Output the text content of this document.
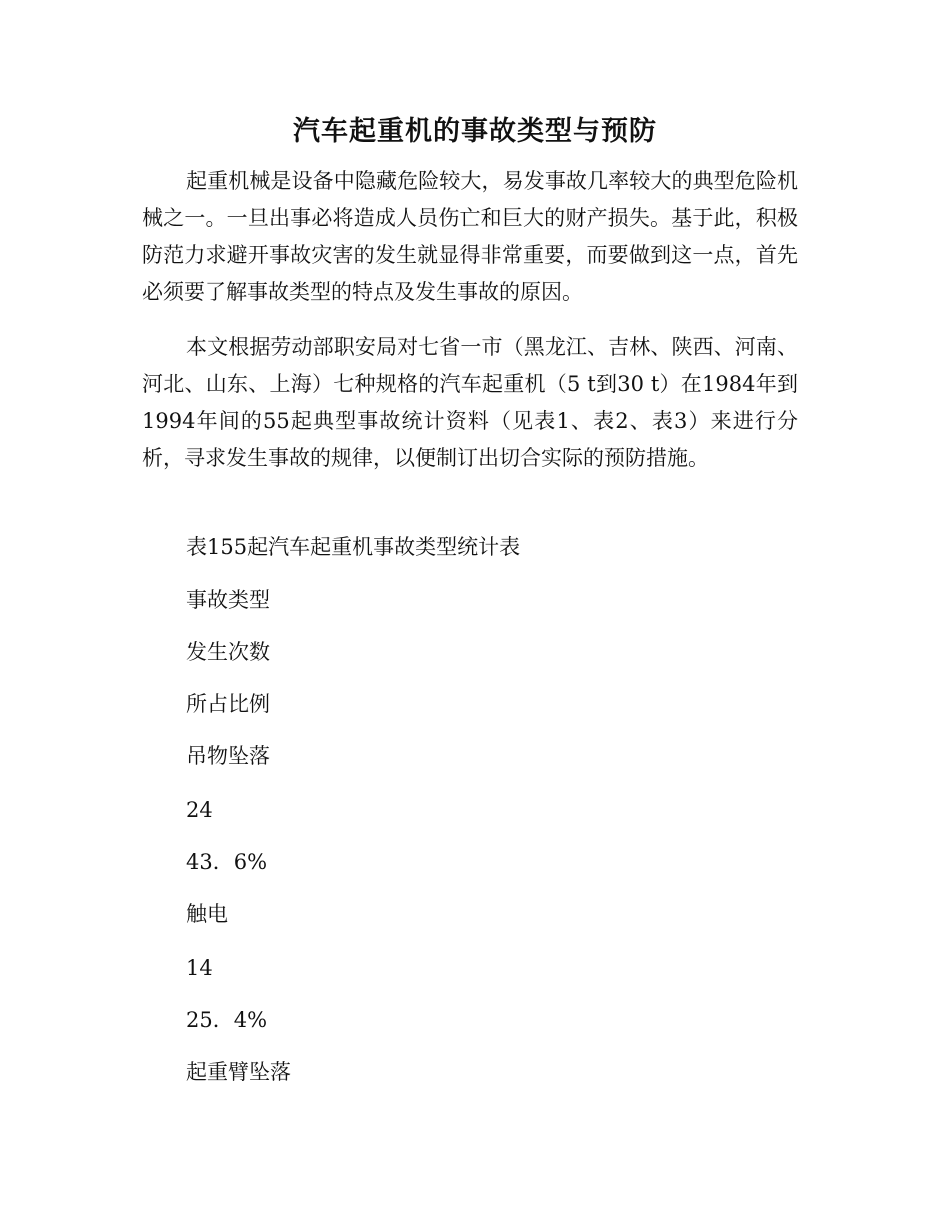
汽车起重机的事故类型与预防
起重机械是设备中隐藏危险较大，易发事故几率较大的典型危险机械之一。一旦出事必将造成人员伤亡和巨大的财产损失。基于此，积极防范力求避开事故灾害的发生就显得非常重要，而要做到这一点，首先必须要了解事故类型的特点及发生事故的原因。
本文根据劳动部职安局对七省一市（黑龙江、吉林、陕西、河南、河北、山东、上海）七种规格的汽车起重机（5 t到30 t）在1984年到1994年间的55起典型事故统计资料（见表1、表2、表3）来进行分析，寻求发生事故的规律，以便制订出切合实际的预防措施。
表155起汽车起重机事故类型统计表
事故类型
发生次数
所占比例
吊物坠落
24
43．6%
触电
14
25．4%
起重臂坠落
